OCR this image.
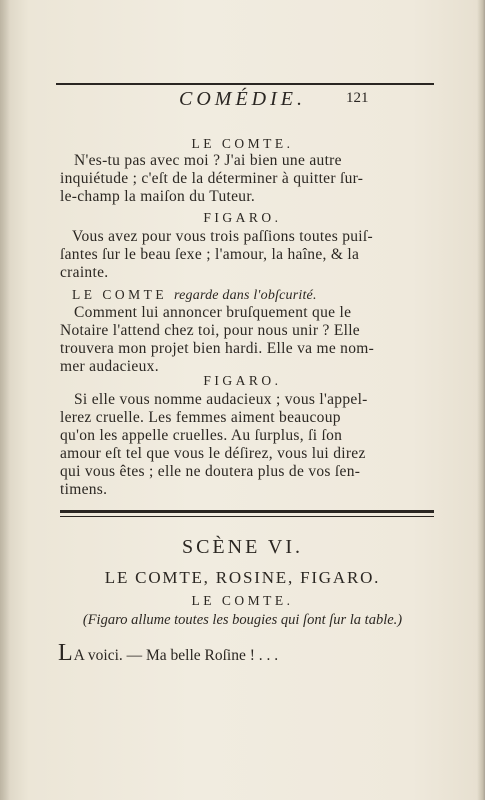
COMÉDIE.	121
LE COMTE.
N'es-tu pas avec moi ? J'ai bien une autre
inquiétude ; c'eſt de la déterminer à quitter ſur-
le-champ la maiſon du Tuteur.
FIGARO.
Vous avez pour vous trois paſſions toutes puiſ-
ſantes ſur le beau ſexe ; l'amour, la haîne, & la
crainte.
LE COMTE regarde dans l'obſcurité.
Comment lui annoncer bruſquement que le
Notaire l'attend chez toi, pour nous unir ? Elle
trouvera mon projet bien hardi. Elle va me nom-
mer audacieux.
FIGARO.
Si elle vous nomme audacieux ; vous l'appel-
lerez cruelle. Les femmes aiment beaucoup
qu'on les appelle cruelles. Au ſurplus, ſi ſon
amour eſt tel que vous le déſirez, vous lui direz
qui vous êtes ; elle ne doutera plus de vos ſen-
timens.
SCÈNE VI.
LE COMTE, ROSINE, FIGARO.
LE COMTE.
(Figaro allume toutes les bougies qui ſont ſur la table.)
LA voici. — Ma belle Roſine ! . . .
